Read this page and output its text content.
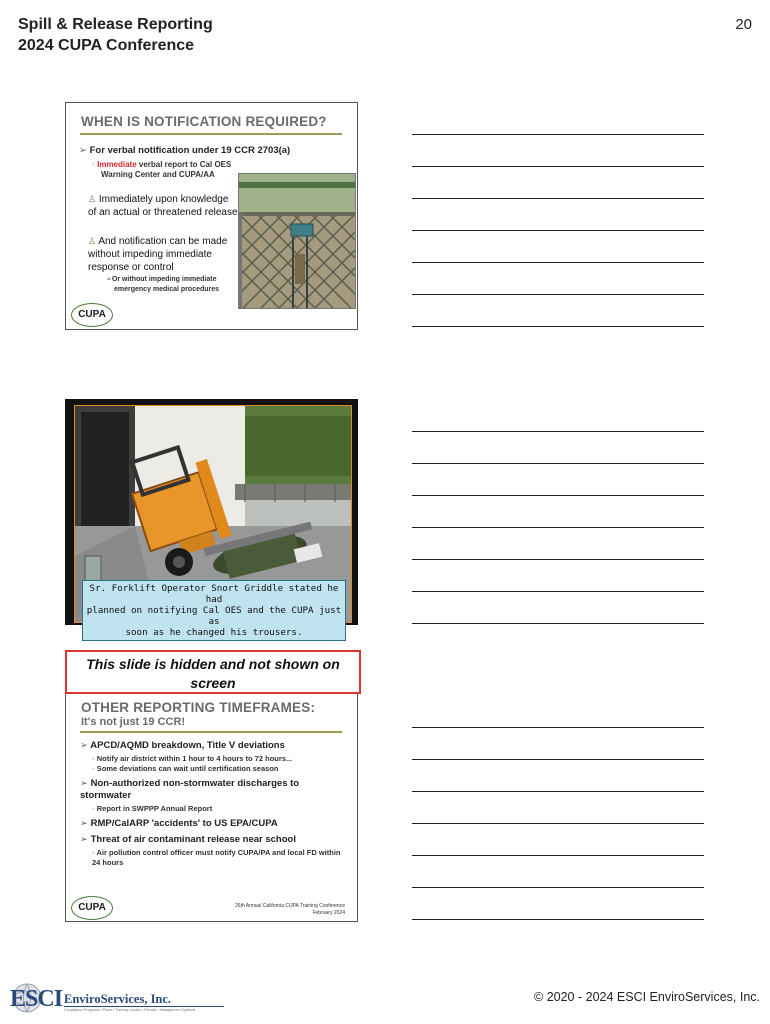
Spill & Release Reporting
2024 CUPA Conference
20
WHEN IS NOTIFICATION REQUIRED?
➢ For verbal notification under 19 CCR 2703(a)
◦ Immediate verbal report to Cal OES
Warning Center and CUPA/AA
♙ Immediately upon knowledge of an actual or threatened release
♙ And notification can be made without impeding immediate response or control
➢Or without impeding immediate
emergency medical procedures
CUPA
Sr. Forklift Operator Snort Griddle stated he had
planned on notifying Cal OES and the CUPA just as
soon as he changed his trousers.
This slide is hidden and not shown on
screen
OTHER REPORTING TIMEFRAMES:
It's not just 19 CCR!
➢ APCD/AQMD breakdown, Title V deviations
◦ Notify air district within 1 hour to 4 hours to 72 hours...
◦ Some deviations can wait until certification season
➢ Non-authorized non-stormwater discharges to stormwater
◦ Report in SWPPP Annual Report
➢ RMP/CalARP 'accidents' to US EPA/CUPA
➢ Threat of air contaminant release near school
◦ Air pollution control officer must notify CUPA/PA and local FD within 24 hours
26th Annual California CUPA Training Conference
February 2024
CUPA
ESCI EnviroServices, Inc.
Compliance Programs • Plans • Training • Audits • Permits • Management Systems
© 2020 - 2024 ESCI EnviroServices, Inc.
